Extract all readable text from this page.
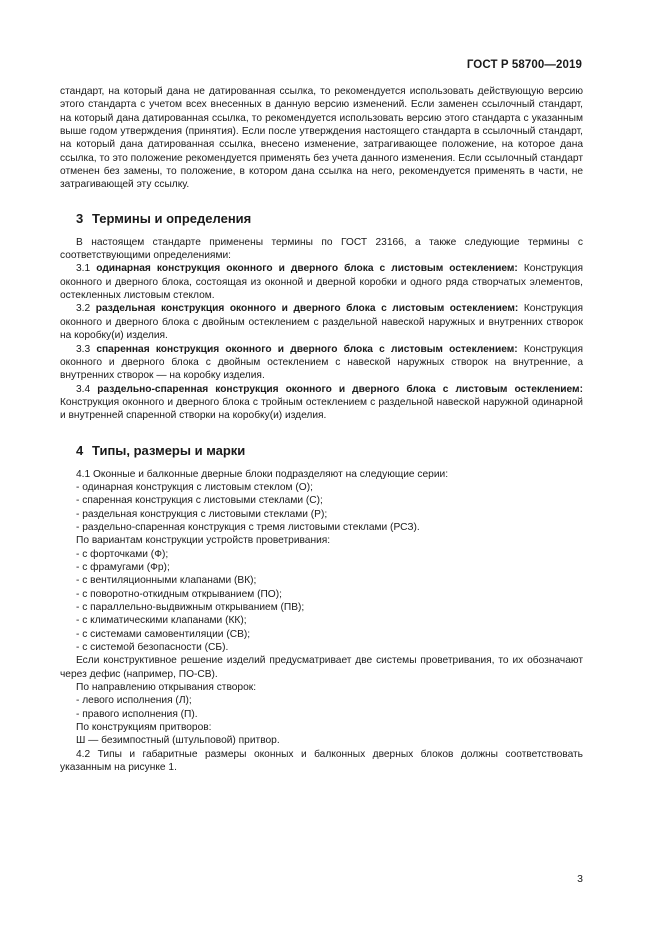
ГОСТ Р 58700—2019

стандарт, на который дана не датированная ссылка, то рекомендуется использовать действующую версию этого стандарта с учетом всех внесенных в данную версию изменений. Если заменен ссылочный стандарт, на который дана датированная ссылка, то рекомендуется использовать версию этого стандарта с указанным выше годом утверждения (принятия). Если после утверждения настоящего стандарта в ссылочный стандарт, на который дана датированная ссылка, внесено изменение, затрагивающее положение, на которое дана ссылка, то это положение рекомендуется применять без учета данного изменения. Если ссылочный стандарт отменен без замены, то положение, в котором дана ссылка на него, рекомендуется применять в части, не затрагивающей эту ссылку.

3 Термины и определения

В настоящем стандарте применены термины по ГОСТ 23166, а также следующие термины с соответствующими определениями:

3.1 одинарная конструкция оконного и дверного блока с листовым остеклением: Конструкция оконного и дверного блока, состоящая из оконной и дверной коробки и одного ряда створчатых элементов, остекленных листовым стеклом.

3.2 раздельная конструкция оконного и дверного блока с листовым остеклением: Конструкция оконного и дверного блока с двойным остеклением с раздельной навеской наружных и внутренних створок на коробку(и) изделия.

3.3 спаренная конструкция оконного и дверного блока с листовым остеклением: Конструкция оконного и дверного блока с двойным остеклением с навеской наружных створок на внутренние, а внутренних створок — на коробку изделия.

3.4 раздельно-спаренная конструкция оконного и дверного блока с листовым остеклением: Конструкция оконного и дверного блока с тройным остеклением с раздельной навеской наружной одинарной и внутренней спаренной створки на коробку(и) изделия.

4 Типы, размеры и марки

4.1 Оконные и балконные дверные блоки подразделяют на следующие серии:

- одинарная конструкция с листовым стеклом (О);

- спаренная конструкция с листовыми стеклами (С);

- раздельная конструкция с листовыми стеклами (Р);

- раздельно-спаренная конструкция с тремя листовыми стеклами (РСЗ).

По вариантам конструкции устройств проветривания:

- с форточками (Ф);

- с фрамугами (Фр);

- с вентиляционными клапанами (ВК);

- с поворотно-откидным открыванием (ПО);

- с параллельно-выдвижным открыванием (ПВ);

- с климатическими клапанами (КК);

- с системами самовентиляции (СВ);

- с системой безопасности (СБ).

Если конструктивное решение изделий предусматривает две системы проветривания, то их обозначают через дефис (например, ПО-СВ).

По направлению открывания створок:

- левого исполнения (Л);

- правого исполнения (П).

По конструкциям притворов:

Ш — безимпостный (штульповой) притвор.

4.2 Типы и габаритные размеры оконных и балконных дверных блоков должны соответствовать указанным на рисунке 1.

3
